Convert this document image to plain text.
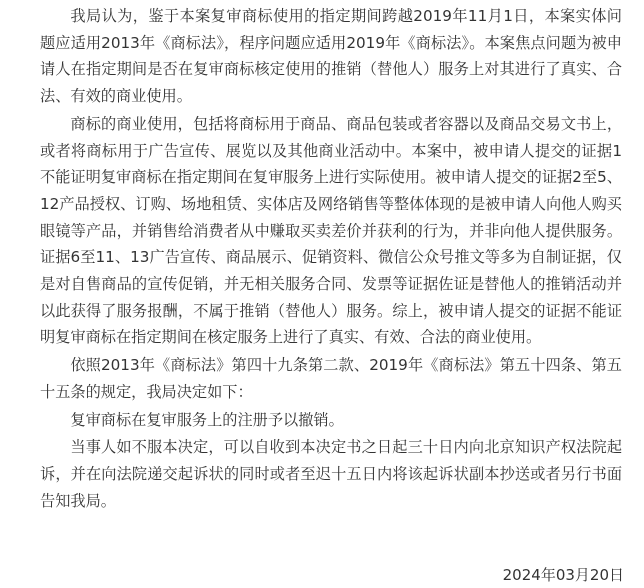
我局认为，鉴于本案复审商标使用的指定期间跨越2019年11月1日，本案实体问题应适用2013年《商标法》，程序问题应适用2019年《商标法》。本案焦点问题为被申请人在指定期间是否在复审商标核定使用的推销（替他人）服务上对其进行了真实、合法、有效的商业使用。

商标的商业使用，包括将商标用于商品、商品包装或者容器以及商品交易文书上，或者将商标用于广告宣传、展览以及其他商业活动中。本案中，被申请人提交的证据1不能证明复审商标在指定期间在复审服务上进行实际使用。被申请人提交的证据2至5、12产品授权、订购、场地租赁、实体店及网络销售等整体体现的是被申请人向他人购买眼镜等产品，并销售给消费者从中赚取买卖差价并获利的行为，并非向他人提供服务。证据6至11、13广告宣传、商品展示、促销资料、微信公众号推文等多为自制证据，仅是对自售商品的宣传促销，并无相关服务合同、发票等证据佐证是替他人的推销活动并以此获得了服务报酬，不属于推销（替他人）服务。综上，被申请人提交的证据不能证明复审商标在指定期间在核定服务上进行了真实、有效、合法的商业使用。

依照2013年《商标法》第四十九条第二款、2019年《商标法》第五十四条、第五十五条的规定，我局决定如下：

复审商标在复审服务上的注册予以撤销。

当事人如不服本决定，可以自收到本决定书之日起三十日内向北京知识产权法院起诉，并在向法院递交起诉状的同时或者至迟十五日内将该起诉状副本抄送或者另行书面告知我局。

2024年03月20日
